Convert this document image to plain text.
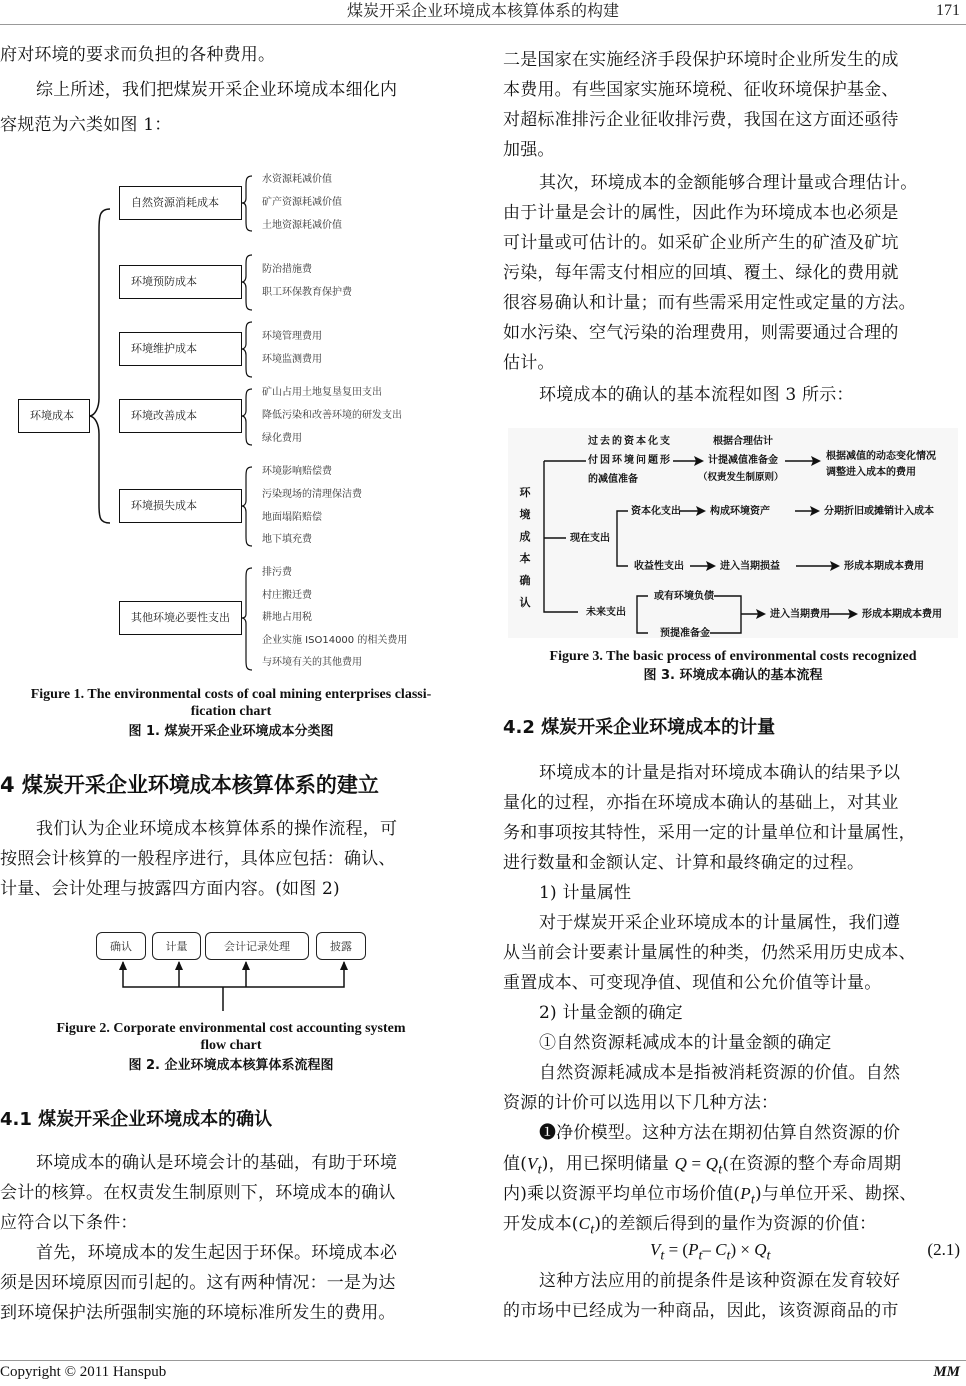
煤炭开采企业环境成本核算体系的构建	171
府对环境的要求而负担的各种费用。
综上所述，我们把煤炭开采企业环境成本细化内
容规范为六类如图 1：
环境成本
自然资源消耗成本
环境预防成本
环境维护成本
环境改善成本
环境损失成本
其他环境必要性支出
水资源耗减价值
矿产资源耗减价值
土地资源耗减价值
防治措施费
职工环保教育保护费
环境管理费用
环境监测费用
矿山占用土地复垦复田支出
降低污染和改善环境的研发支出
绿化费用
环境影响赔偿费
污染现场的清理保洁费
地面塌陷赔偿
地下填充费
排污费
村庄搬迁费
耕地占用税
企业实施 ISO14000 的相关费用
与环境有关的其他费用
Figure 1. The environmental costs of coal mining enterprises classi-
fication chart
图 1. 煤炭开采企业环境成本分类图
4 煤炭开采企业环境成本核算体系的建立
我们认为企业环境成本核算体系的操作流程，可
按照会计核算的一般程序进行，具体应包括：确认、
计量、会计处理与披露四方面内容。(如图 2)
确认	计量	会计记录处理	披露
Figure 2. Corporate environmental cost accounting system
flow chart
图 2. 企业环境成本核算体系流程图
4.1 煤炭开采企业环境成本的确认
环境成本的确认是环境会计的基础，有助于环境
会计的核算。在权责发生制原则下，环境成本的确认
应符合以下条件：
首先，环境成本的发生起因于环保。环境成本必
须是因环境原因而引起的。这有两种情况：一是为达
到环境保护法所强制实施的环境标准所发生的费用。
二是国家在实施经济手段保护环境时企业所发生的成
本费用。有些国家实施环境税、征收环境保护基金、
对超标准排污企业征收排污费，我国在这方面还亟待
加强。
其次，环境成本的金额能够合理计量或合理估计。
由于计量是会计的属性，因此作为环境成本也必须是
可计量或可估计的。如采矿企业所产生的矿渣及矿坑
污染，每年需支付相应的回填、覆土、绿化的费用就
很容易确认和计量；而有些需采用定性或定量的方法。
如水污染、空气污染的治理费用，则需要通过合理的
估计。
环境成本的确认的基本流程如图 3 所示：
环
境
成
本
确
认
过去的资本化支
付因环境问题形
的减值准备
根据合理估计
计提减值准备金
（权责发生制原则）
根据减值的动态变化情况
调整进入成本的费用
现在支出
资本化支出	构成环境资产	分期折旧或摊销计入成本
收益性支出	进入当期损益	形成本期成本费用
未来支出
或有环境负债
预提准备金
进入当期费用	形成本期成本费用
Figure 3. The basic process of environmental costs recognized
图 3. 环境成本确认的基本流程
4.2 煤炭开采企业环境成本的计量
环境成本的计量是指对环境成本确认的结果予以
量化的过程，亦指在环境成本确认的基础上，对其业
务和事项按其特性，采用一定的计量单位和计量属性，
进行数量和金额认定、计算和最终确定的过程。
1) 计量属性
对于煤炭开采企业环境成本的计量属性，我们遵
从当前会计要素计量属性的种类，仍然采用历史成本、
重置成本、可变现净值、现值和公允价值等计量。
2) 计量金额的确定
①自然资源耗减成本的计量金额的确定
自然资源耗减成本是指被消耗资源的价值。自然
资源的计价可以选用以下几种方法：
❶净价模型。这种方法在期初估算自然资源的价
值$(V_t)$，用已探明储量 $Q = Q_t$(在资源的整个寿命周期
内)乘以资源平均单位市场价值$(P_t)$与单位开采、勘探、
开发成本$(C_t)$的差额后得到的量作为资源的价值：
$V_t = (P_t-$ $C_t) \times Q_t$	(2.1)
这种方法应用的前提条件是该种资源在发育较好
的市场中已经成为一种商品，因此，该资源商品的市
Copyright © 2011 Hanspub	MM
